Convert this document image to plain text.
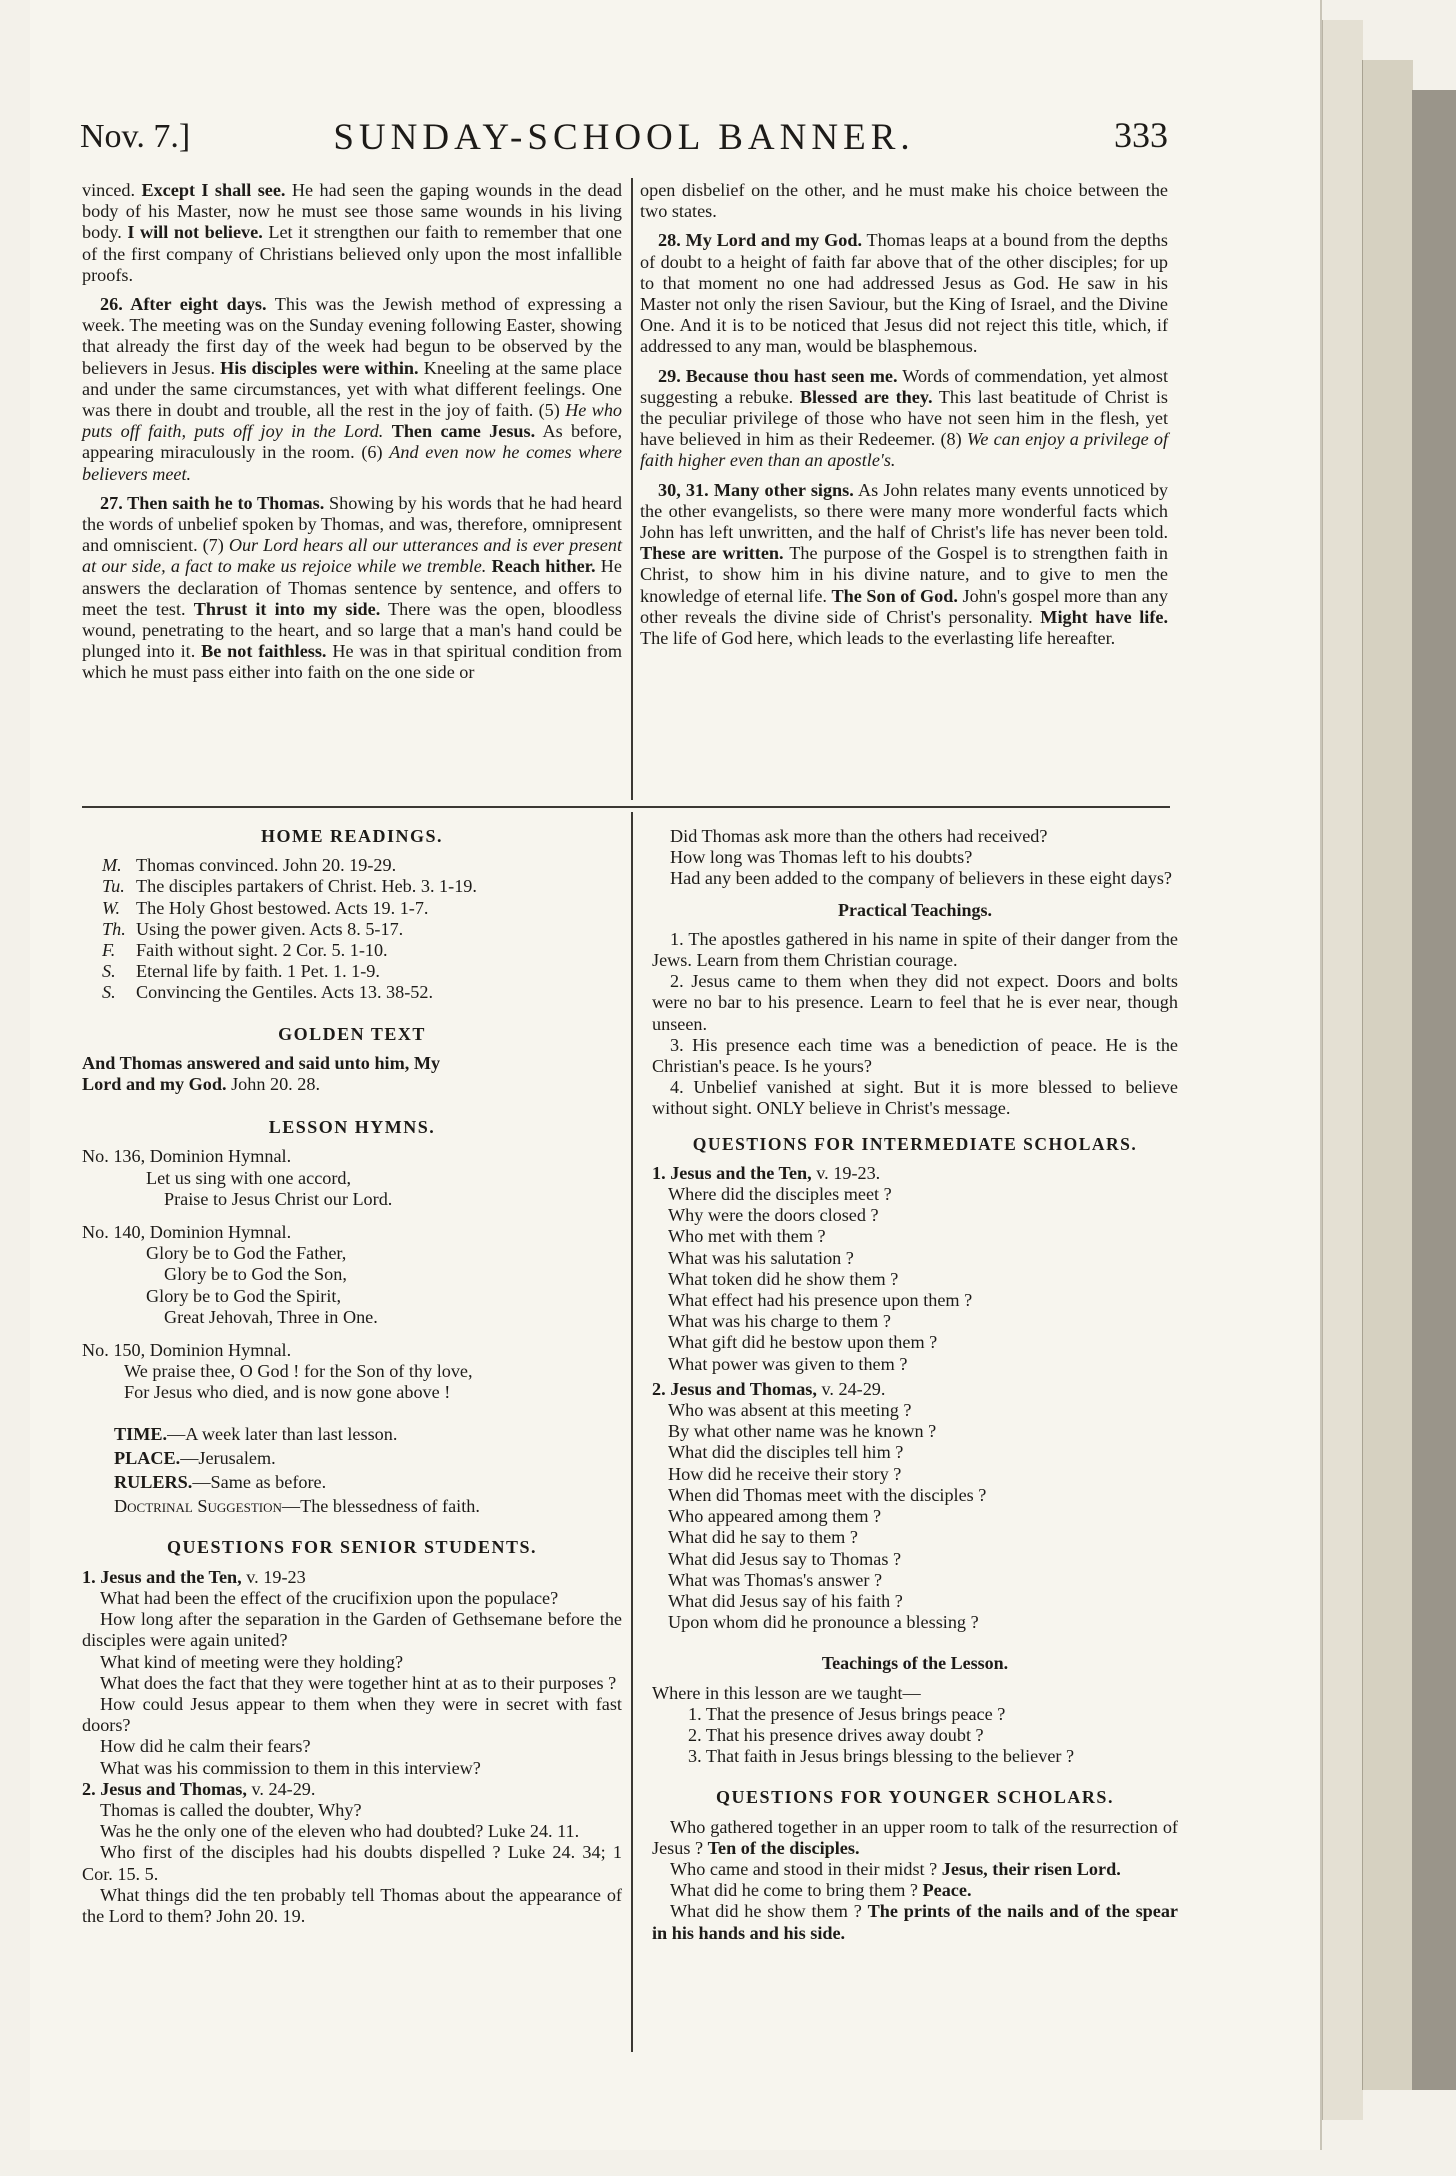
Nov. 7.]	SUNDAY-SCHOOL BANNER.	333

vinced. Except I shall see. He had seen the gaping wounds in the dead body of his Master, now he must see those same wounds in his living body. I will not believe. Let it strengthen our faith to remember that one of the first company of Christians believed only upon the most infallible proofs.

26. After eight days. This was the Jewish method of expressing a week. The meeting was on the Sunday evening following Easter, showing that already the first day of the week had begun to be observed by the believers in Jesus. His disciples were within. Kneeling at the same place and under the same circumstances, yet with what different feelings. One was there in doubt and trouble, all the rest in the joy of faith. (5) He who puts off faith, puts off joy in the Lord. Then came Jesus. As before, appearing miraculously in the room. (6) And even now he comes where believers meet.

27. Then saith he to Thomas. Showing by his words that he had heard the words of unbelief spoken by Thomas, and was, therefore, omnipresent and omniscient. (7) Our Lord hears all our utterances and is ever present at our side, a fact to make us rejoice while we tremble. Reach hither. He answers the declaration of Thomas sentence by sentence, and offers to meet the test. Thrust it into my side. There was the open, bloodless wound, penetrating to the heart, and so large that a man's hand could be plunged into it. Be not faithless. He was in that spiritual condition from which he must pass either into faith on the one side or

open disbelief on the other, and he must make his choice between the two states.

28. My Lord and my God. Thomas leaps at a bound from the depths of doubt to a height of faith far above that of the other disciples; for up to that moment no one had addressed Jesus as God. He saw in his Master not only the risen Saviour, but the King of Israel, and the Divine One. And it is to be noticed that Jesus did not reject this title, which, if addressed to any man, would be blasphemous.

29. Because thou hast seen me. Words of commendation, yet almost suggesting a rebuke. Blessed are they. This last beatitude of Christ is the peculiar privilege of those who have not seen him in the flesh, yet have believed in him as their Redeemer. (8) We can enjoy a privilege of faith higher even than an apostle's.

30, 31. Many other signs. As John relates many events unnoticed by the other evangelists, so there were many more wonderful facts which John has left unwritten, and the half of Christ's life has never been told. These are written. The purpose of the Gospel is to strengthen faith in Christ, to show him in his divine nature, and to give to men the knowledge of eternal life. The Son of God. John's gospel more than any other reveals the divine side of Christ's personality. Might have life. The life of God here, which leads to the everlasting life hereafter.

HOME READINGS.
M. Thomas convinced. John 20. 19-29.
Tu. The disciples partakers of Christ. Heb. 3. 1-19.
W. The Holy Ghost bestowed. Acts 19. 1-7.
Th. Using the power given. Acts 8. 5-17.
F. Faith without sight. 2 Cor. 5. 1-10.
S. Eternal life by faith. 1 Pet. 1. 1-9.
S. Convincing the Gentiles. Acts 13. 38-52.
GOLDEN TEXT

And Thomas answered and said unto him, My
Lord and my God. John 20. 28.

LESSON HYMNS.
No. 136, Dominion Hymnal.
Let us sing with one accord,
Praise to Jesus Christ our Lord.
No. 140, Dominion Hymnal.
Glory be to God the Father,
Glory be to God the Son,
Glory be to God the Spirit,
Great Jehovah, Three in One.
No. 150, Dominion Hymnal.
We praise thee, O God ! for the Son of thy love,
For Jesus who died, and is now gone above !
TIME.—A week later than last lesson.
PLACE.—Jerusalem.
RULERS.—Same as before.
Doctrinal Suggestion—The blessedness of faith.
QUESTIONS FOR SENIOR STUDENTS.
1. Jesus and the Ten, v. 19-23

What had been the effect of the crucifixion upon the populace?

How long after the separation in the Garden of Gethsemane before the disciples were again united?

What kind of meeting were they holding?

What does the fact that they were together hint at as to their purposes ?

How could Jesus appear to them when they were in secret with fast doors?

How did he calm their fears?

What was his commission to them in this interview?

2. Jesus and Thomas, v. 24-29.

Thomas is called the doubter, Why?

Was he the only one of the eleven who had doubted? Luke 24. 11.

Who first of the disciples had his doubts dispelled ? Luke 24. 34; 1 Cor. 15. 5.

What things did the ten probably tell Thomas about the appearance of the Lord to them? John 20. 19.

Did Thomas ask more than the others had received?

How long was Thomas left to his doubts?

Had any been added to the company of believers in these eight days?

Practical Teachings.

1. The apostles gathered in his name in spite of their danger from the Jews. Learn from them Christian courage.

2. Jesus came to them when they did not expect. Doors and bolts were no bar to his presence. Learn to feel that he is ever near, though unseen.

3. His presence each time was a benediction of peace. He is the Christian's peace. Is he yours?

4. Unbelief vanished at sight. But it is more blessed to believe without sight. ONLY believe in Christ's message.

QUESTIONS FOR INTERMEDIATE SCHOLARS.
1. Jesus and the Ten, v. 19-23.
Where did the disciples meet ?
Why were the doors closed ?
Who met with them ?
What was his salutation ?
What token did he show them ?
What effect had his presence upon them ?
What was his charge to them ?
What gift did he bestow upon them ?
What power was given to them ?
2. Jesus and Thomas, v. 24-29.
Who was absent at this meeting ?
By what other name was he known ?
What did the disciples tell him ?
How did he receive their story ?
When did Thomas meet with the disciples ?
Who appeared among them ?
What did he say to them ?
What did Jesus say to Thomas ?
What was Thomas's answer ?
What did Jesus say of his faith ?
Upon whom did he pronounce a blessing ?
Teachings of the Lesson.
Where in this lesson are we taught—
1. That the presence of Jesus brings peace ?
2. That his presence drives away doubt ?
3. That faith in Jesus brings blessing to the believer ?
QUESTIONS FOR YOUNGER SCHOLARS.

Who gathered together in an upper room to talk of the resurrection of Jesus ? Ten of the disciples.

Who came and stood in their midst ? Jesus, their risen Lord.

What did he come to bring them ? Peace.

What did he show them ? The prints of the nails and of the spear in his hands and his side.
